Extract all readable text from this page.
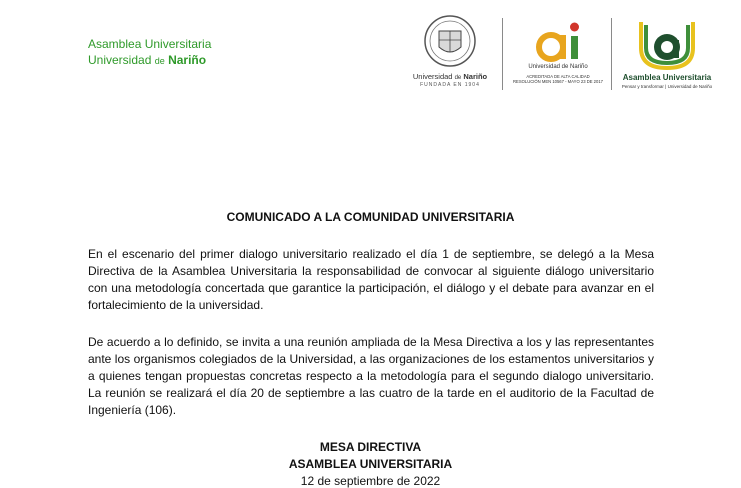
Asamblea Universitaria
Universidad de Nariño
Universidad de Nariño
FUNDADA EN 1904
Universidad de Nariño
ACREDITADA DE ALTA CALIDAD
RESOLUCIÓN MEN 10567 - MAYO 23 DE 2017	Asamblea Universitaria
Pensar y transformar | Universidad de Nariño
COMUNICADO A LA COMUNIDAD UNIVERSITARIA

En el escenario del primer dialogo universitario realizado el día 1 de septiembre, se delegó a la Mesa Directiva de la Asamblea Universitaria la responsabilidad de convocar al siguiente diálogo universitario con una metodología concertada que garantice la participación, el diálogo y el debate para avanzar en el fortalecimiento de la universidad.

De acuerdo a lo definido, se invita a una reunión ampliada de la Mesa Directiva a los y las representantes ante los organismos colegiados de la Universidad, a las organizaciones de los estamentos universitarios y a quienes tengan propuestas concretas respecto a la metodología para el segundo dialogo universitario. La reunión se realizará el día 20 de septiembre a las cuatro de la tarde en el auditorio de la Facultad de Ingeniería (106).

MESA DIRECTIVA
ASAMBLEA UNIVERSITARIA
12 de septiembre de 2022
